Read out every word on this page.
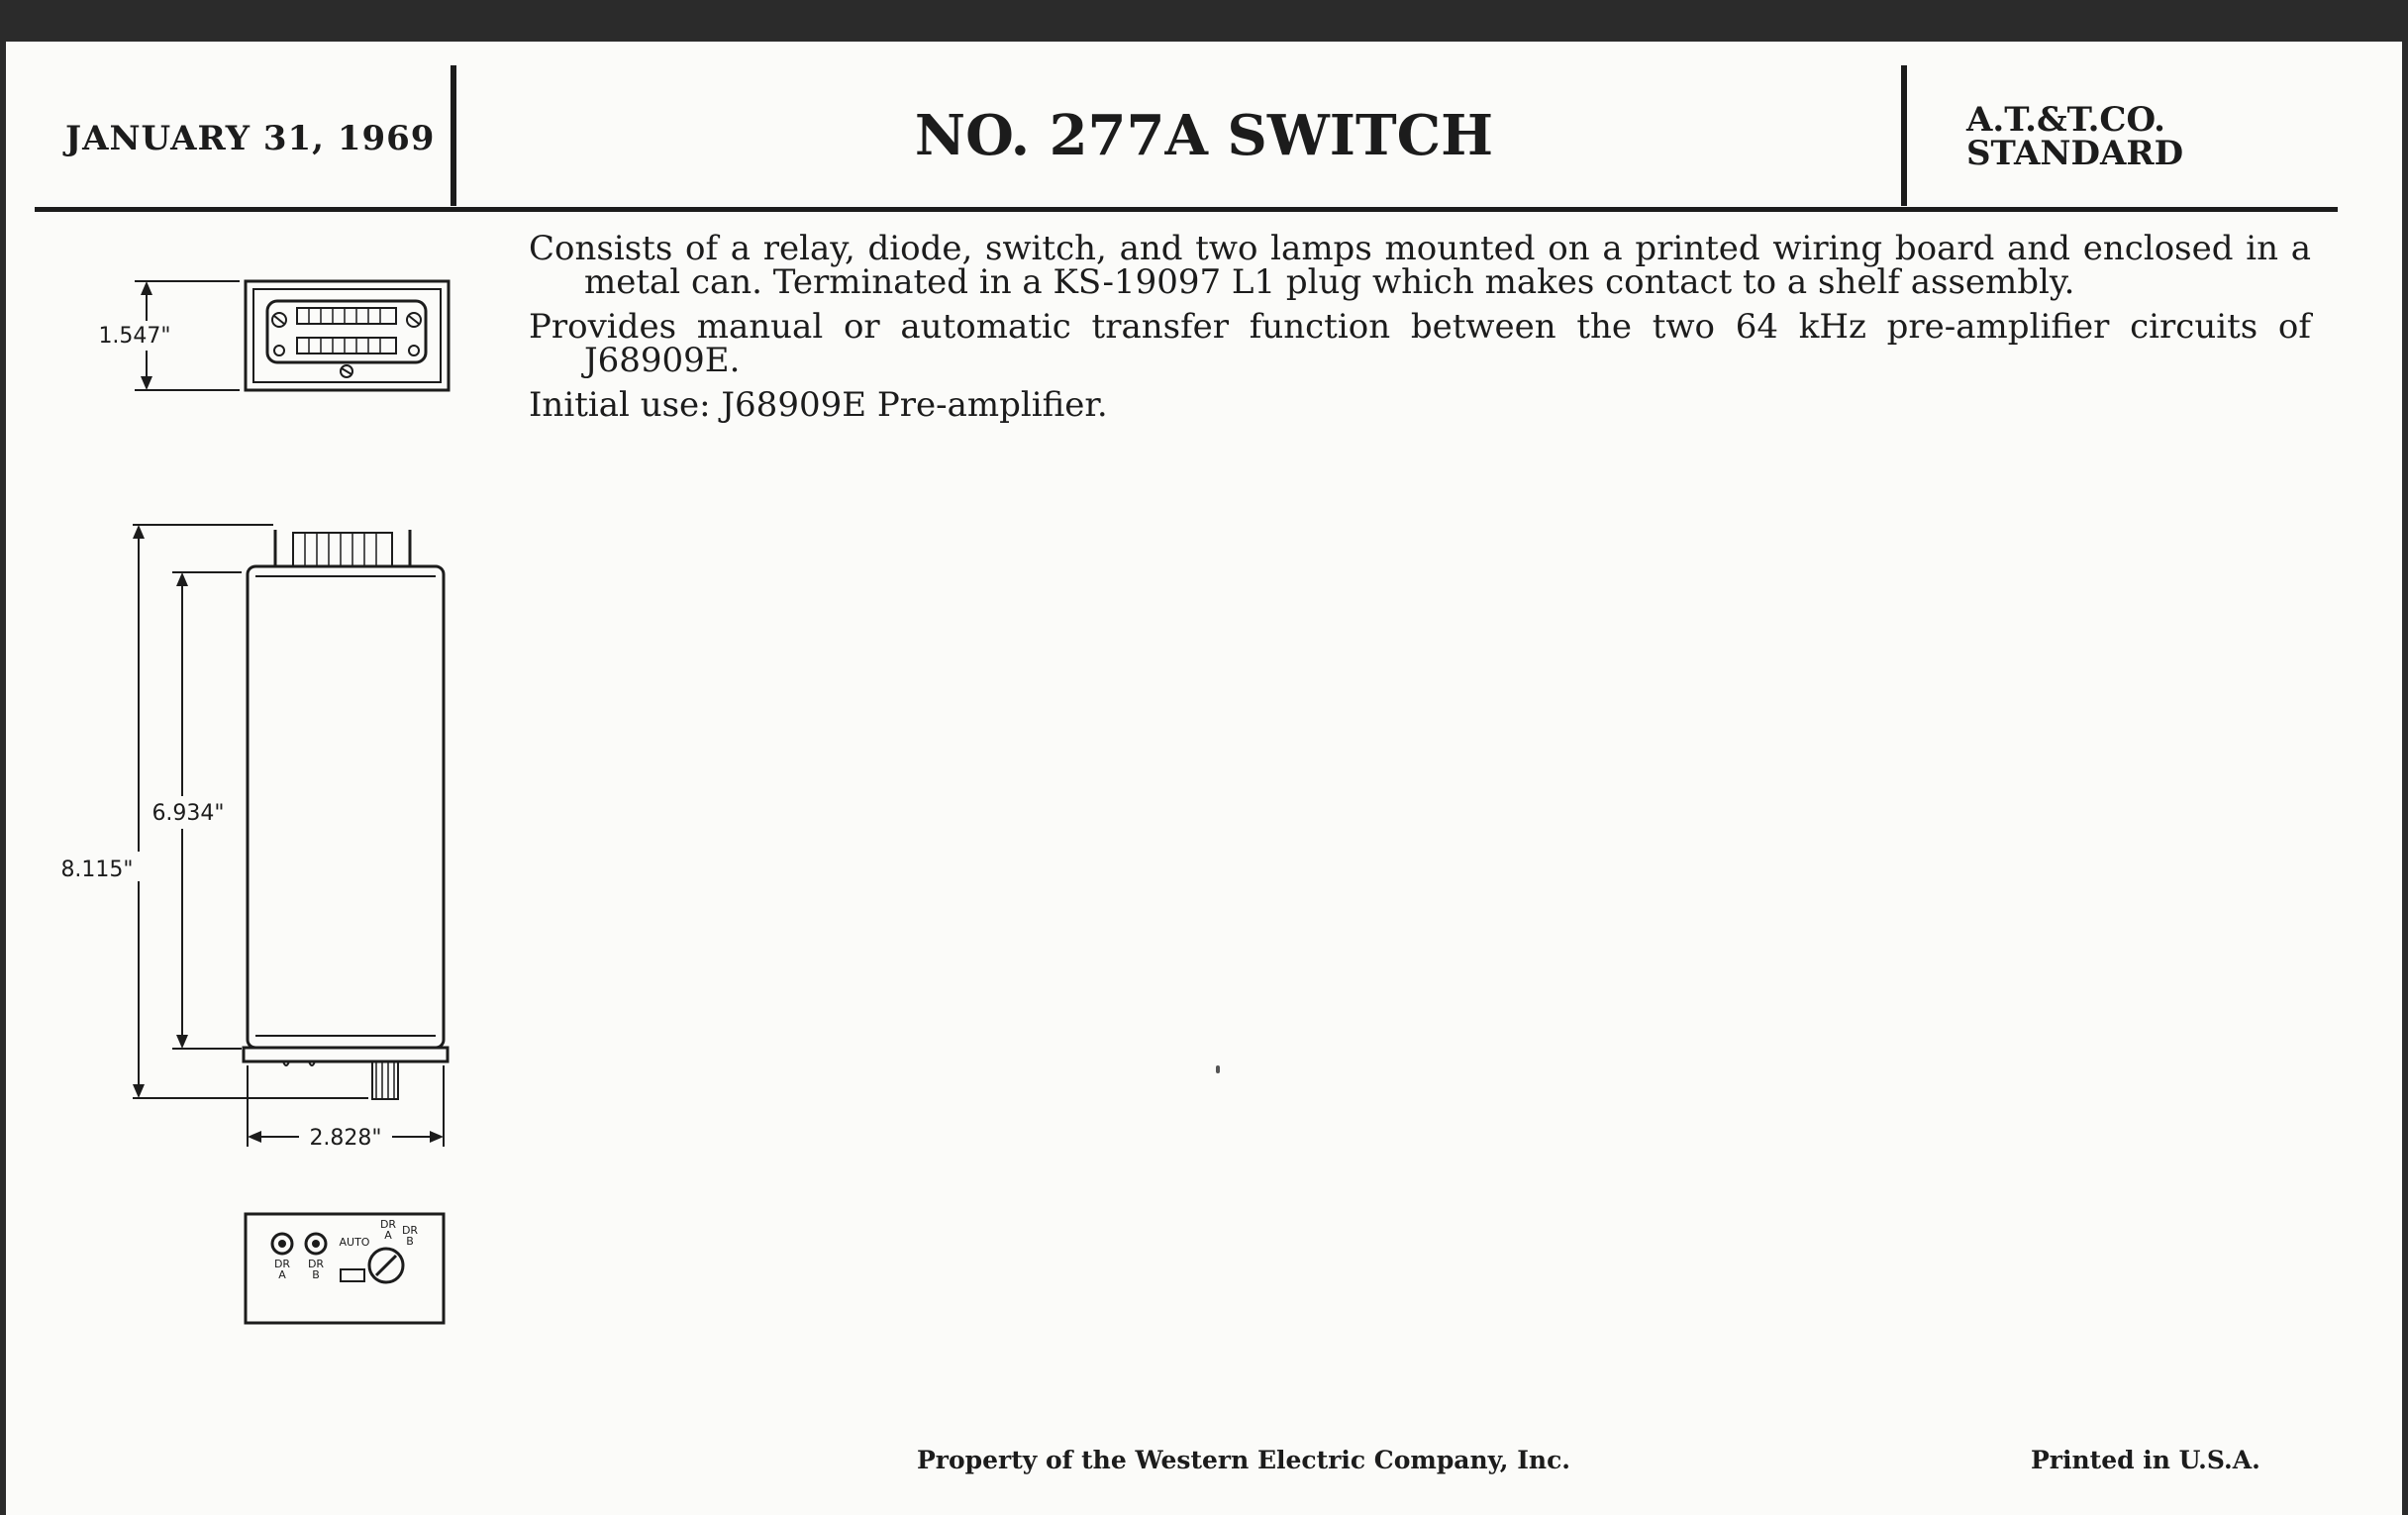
JANUARY 31, 1969	NO. 277A SWITCH	A.T.&T.CO.
STANDARD

Consists of a relay, diode, switch, and two lamps mounted on a printed wiring board and enclosed in a metal can. Terminated in a KS-19097 L1 plug which makes contact to a shelf assembly.

Provides manual or automatic transfer function between the two 64 kHz pre-amplifier circuits of J68909E.

Initial use: J68909E Pre-amplifier.

1.547"
8.115"
6.934"
2.828"
DR
A
DR
B
AUTO
DR
A DR
B
Property of the Western Electric Company, Inc.	Printed in U.S.A.
